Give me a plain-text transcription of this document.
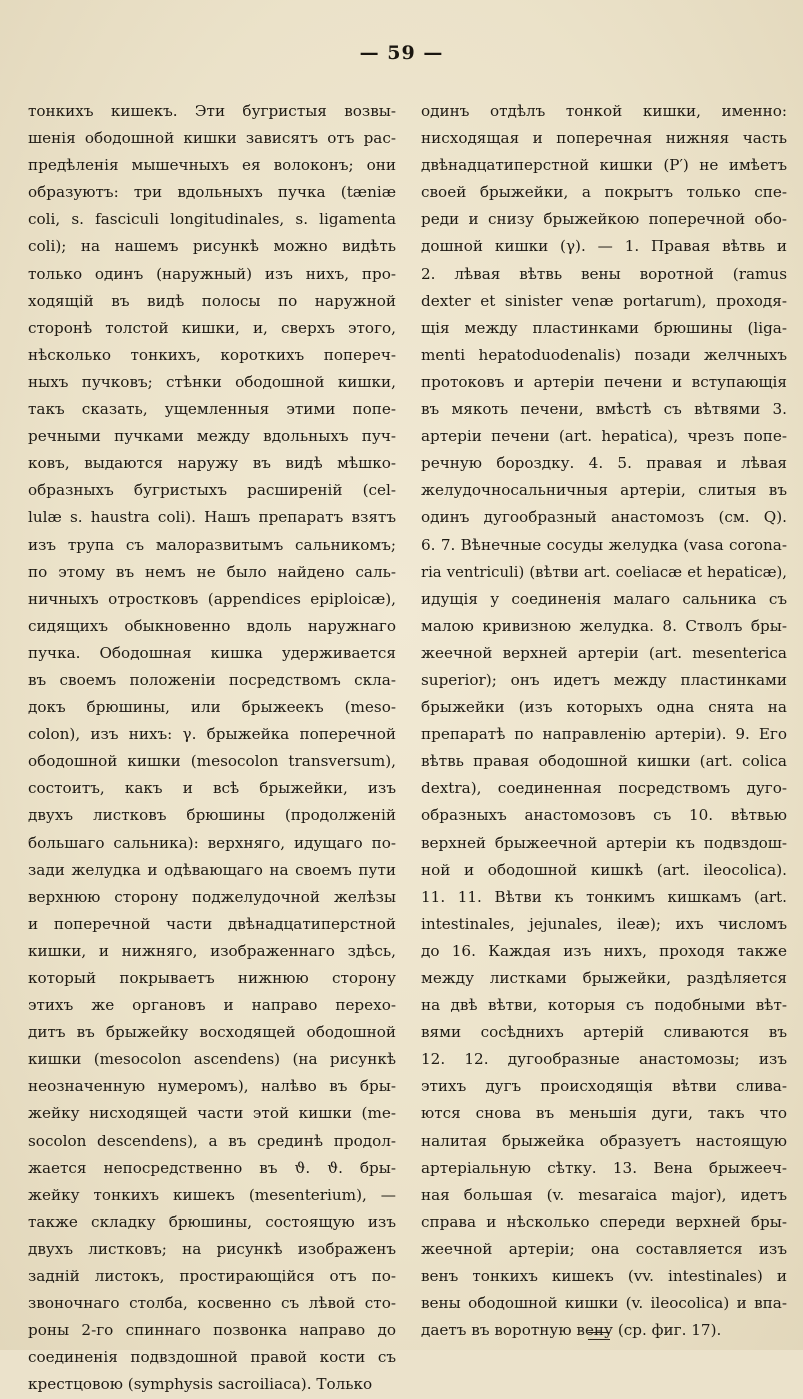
— 59 —
тонкихъ кишекъ. Эти бугристыя возвы-
шенія ободошной кишки зависятъ отъ рас-
предѣленія мышечныхъ ея волоконъ; они
образуютъ: три вдольныхъ пучка (tæniæ
coli, s. fasciculi longitudinales, s. ligamenta
coli); на нашемъ рисункѣ можно видѣть
только одинъ (наружный) изъ нихъ, про-
ходящій въ видѣ полосы по наружной
сторонѣ толстой кишки, и, сверхъ этого,
нѣсколько тонкихъ, короткихъ попереч-
ныхъ пучковъ; стѣнки ободошной кишки,
такъ сказать, ущемленныя этими попе-
речными пучками между вдольныхъ пуч-
ковъ, выдаются наружу въ видѣ мѣшко-
образныхъ бугристыхъ расширеній (cel-
lulæ s. haustra coli). Нашъ препаратъ взятъ
изъ трупа съ малоразвитымъ сальникомъ;
по этому въ немъ не было найдено саль-
ничныхъ отростковъ (appendices epiploicæ),
сидящихъ обыкновенно вдоль наружнаго
пучка. Ободошная кишка удерживается
въ своемъ положеніи посредствомъ скла-
докъ брюшины, или брыжеекъ (meso-
colon), изъ нихъ: γ. брыжейка поперечной
ободошной кишки (mesocolon transversum),
состоитъ, какъ и всѣ брыжейки, изъ
двухъ листковъ брюшины (продолженій
большаго сальника): верхняго, идущаго по-
зади желудка и одѣвающаго на своемъ пути
верхнюю сторону поджелудочной желѣзы
и поперечной части двѣнадцатиперстной
кишки, и нижняго, изображеннаго здѣсь,
который покрываетъ нижнюю сторону
этихъ же органовъ и направо перехо-
дитъ въ брыжейку восходящей ободошной
кишки (mesocolon ascendens) (на рисункѣ
неозначенную нумеромъ), налѣво въ бры-
жейку нисходящей части этой кишки (me-
socolon descendens), а въ срединѣ продол-
жается непосредственно въ ϑ. ϑ. бры-
жейку тонкихъ кишекъ (mesenterium), —
также складку брюшины, состоящую изъ
двухъ листковъ; на рисункѣ изображенъ
задній листокъ, простирающійся отъ по-
звоночнаго столба, косвенно съ лѣвой сто-
роны 2-го спиннаго позвонка направо до
соединенія подвздошной правой кости съ
крестцовою (symphysis sacroiliaca). Только
одинъ отдѣлъ тонкой кишки, именно:
нисходящая и поперечная нижняя часть
двѣнадцатиперстной кишки (P′) не имѣетъ
своей брыжейки, а покрытъ только спе-
реди и снизу брыжейкою поперечной обо-
дошной кишки (γ). — 1. Правая вѣтвь и
2. лѣвая вѣтвь вены воротной (ramus
dexter et sinister venæ portarum), проходя-
щія между пластинками брюшины (liga-
menti hepatoduodenalis) позади желчныхъ
протоковъ и артеріи печени и вступающія
въ мякоть печени, вмѣстѣ съ вѣтвями 3.
артеріи печени (art. hepatica), чрезъ попе-
речную бороздку. 4. 5. правая и лѣвая
желудочносальничныя артеріи, слитыя въ
одинъ дугообразный анастомозъ (см. Q).
6. 7. Вѣнечные сосуды желудка (vasa corona-
ria ventriculi) (вѣтви art. coeliacæ et hepaticæ),
идущія у соединенія малаго сальника съ
малою кривизною желудка. 8. Стволъ бры-
жеечной верхней артеріи (art. mesenterica
superior); онъ идетъ между пластинками
брыжейки (изъ которыхъ одна снята на
препаратѣ по направленію артеріи). 9. Его
вѣтвь правая ободошной кишки (art. colica
dextra), соединенная посредствомъ дуго-
образныхъ анастомозовъ съ 10. вѣтвью
верхней брыжеечной артеріи къ подвздош-
ной и ободошной кишкѣ (art. ileocolica).
11. 11. Вѣтви къ тонкимъ кишкамъ (art.
intestinales, jejunales, ileæ); ихъ числомъ
до 16. Каждая изъ нихъ, проходя также
между листками брыжейки, раздѣляется
на двѣ вѣтви, которыя съ подобными вѣт-
вями сосѣднихъ артерій сливаются въ
12. 12. дугообразные анастомозы; изъ
этихъ дугъ происходящія вѣтви слива-
ются снова въ меньшія дуги, такъ что
налитая брыжейка образуетъ настоящую
артеріальную сѣтку. 13. Вена брыжееч-
ная большая (v. mesaraica major), идетъ
справа и нѣсколько спереди верхней бры-
жеечной артеріи; она составляется изъ
венъ тонкихъ кишекъ (vv. intestinales) и
вены ободошной кишки (v. ileocolica) и впа-
даетъ въ воротную вену (ср. фиг. 17).
